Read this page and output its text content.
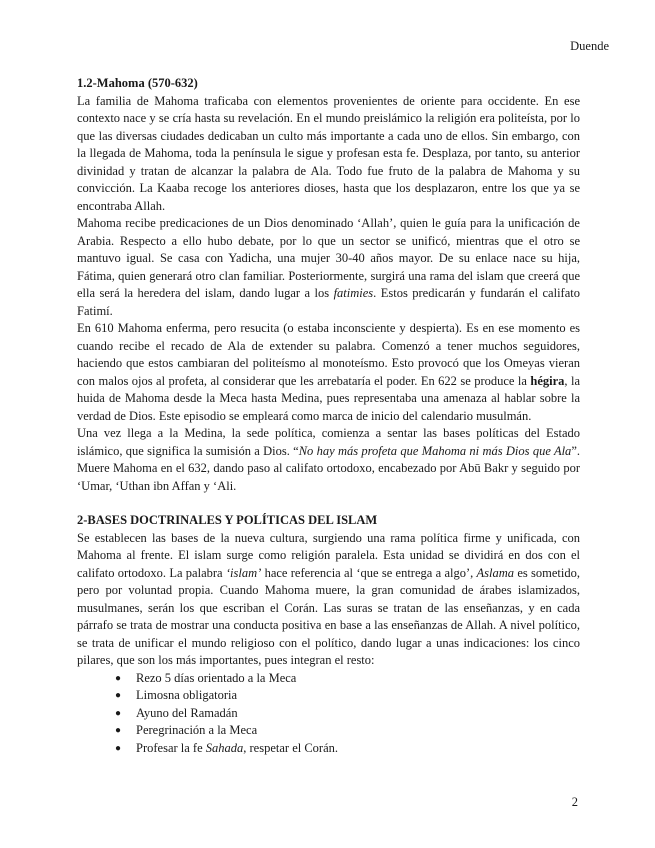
Duende

1.2-Mahoma (570-632)

La familia de Mahoma traficaba con elementos provenientes de oriente para occidente. En ese contexto nace y se cría hasta su revelación. En el mundo preislámico la religión era politeísta, por lo que las diversas ciudades dedicaban un culto más importante a cada uno de ellos. Sin embargo, con la llegada de Mahoma, toda la península le sigue y profesan esta fe. Desplaza, por tanto, su anterior divinidad y tratan de alcanzar la palabra de Ala. Todo fue fruto de la palabra de Mahoma y su convicción. La Kaaba recoge los anteriores dioses, hasta que los desplazaron, entre los que ya se encontraba Allah.

Mahoma recibe predicaciones de un Dios denominado ‘Allah’, quien le guía para la unificación de Arabia. Respecto a ello hubo debate, por lo que un sector se unificó, mientras que el otro se mantuvo igual. Se casa con Yadicha, una mujer 30-40 años mayor. De su enlace nace su hija, Fátima, quien generará otro clan familiar. Posteriormente, surgirá una rama del islam que creerá que ella será la heredera del islam, dando lugar a los fatimies. Estos predicarán y fundarán el califato Fatimí.

En 610 Mahoma enferma, pero resucita (o estaba inconsciente y despierta). Es en ese momento es cuando recibe el recado de Ala de extender su palabra. Comenzó a tener muchos seguidores, haciendo que estos cambiaran del politeísmo al monoteísmo. Esto provocó que los Omeyas vieran con malos ojos al profeta, al considerar que les arrebataría el poder. En 622 se produce la hégira, la huida de Mahoma desde la Meca hasta Medina, pues representaba una amenaza al hablar sobre la verdad de Dios. Este episodio se empleará como marca de inicio del calendario musulmán.

Una vez llega a la Medina, la sede política, comienza a sentar las bases políticas del Estado islámico, que significa la sumisión a Dios. “No hay más profeta que Mahoma ni más Dios que Ala”. Muere Mahoma en el 632, dando paso al califato ortodoxo, encabezado por Abū Bakr y seguido por ‘Umar, ‘Uthan ibn Affan y ‘Ali.

2-BASES DOCTRINALES Y POLÍTICAS DEL ISLAM

Se establecen las bases de la nueva cultura, surgiendo una rama política firme y unificada, con Mahoma al frente. El islam surge como religión paralela. Esta unidad se dividirá en dos con el califato ortodoxo. La palabra ‘islam’ hace referencia al ‘que se entrega a algo’, Aslama es sometido, pero por voluntad propia. Cuando Mahoma muere, la gran comunidad de árabes islamizados, musulmanes, serán los que escriban el Corán. Las suras se tratan de las enseñanzas, y en cada párrafo se trata de mostrar una conducta positiva en base a las enseñanzas de Allah. A nivel político, se trata de unificar el mundo religioso con el político, dando lugar a unas indicaciones: los cinco pilares, que son los más importantes, pues integran el resto:

● Rezo 5 días orientado a la Meca
● Limosna obligatoria
● Ayuno del Ramadán
● Peregrinación a la Meca
● Profesar la fe Sahada, respetar el Corán.
2
